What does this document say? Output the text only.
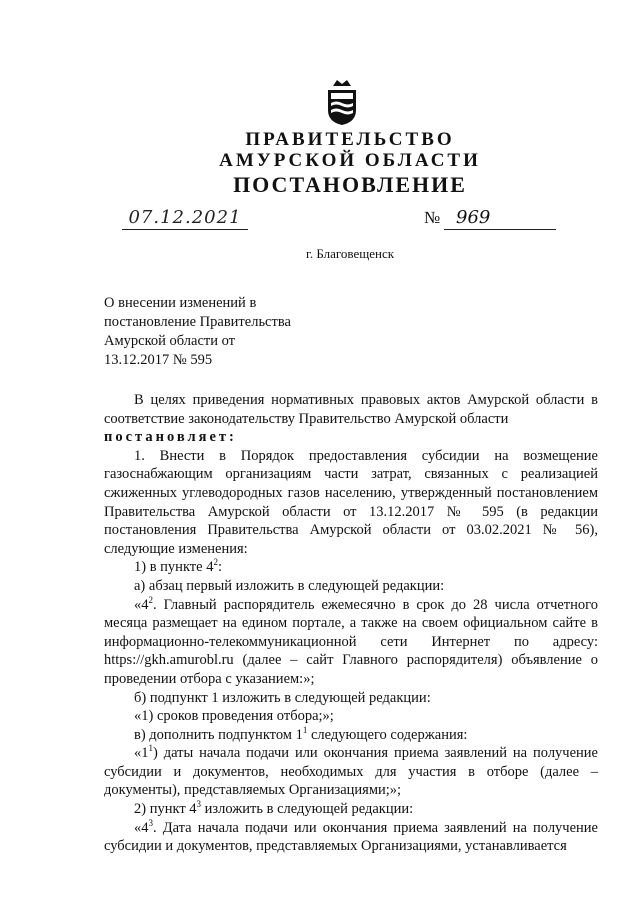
ПРАВИТЕЛЬСТВО
АМУРСКОЙ ОБЛАСТИ
ПОСТАНОВЛЕНИЕ
07.12.2021	№ 969
г. Благовещенск
О внесении изменений в
постановление Правительства
Амурской области от
13.12.2017 № 595

В целях приведения нормативных правовых актов Амурской области в соответствие законодательству Правительство Амурской области

постановляет:

1. Внести в Порядок предоставления субсидии на возмещение газоснабжающим организациям части затрат, связанных с реализацией сжиженных углеводородных газов населению, утвержденный постановлением Правительства Амурской области от 13.12.2017 № 595 (в редакции постановления Правительства Амурской области от 03.02.2021 № 56), следующие изменения:

1) в пункте $4^2$:

а) абзац первый изложить в следующей редакции:

«$4^2$. Главный распорядитель ежемесячно в срок до 28 числа отчетного месяца размещает на едином портале, а также на своем официальном сайте в информационно-телекоммуникационной сети Интернет по адресу: https://gkh.amurobl.ru (далее – сайт Главного распорядителя) объявление о проведении отбора с указанием:»;

б) подпункт 1 изложить в следующей редакции:

«1) сроков проведения отбора;»;

в) дополнить подпунктом $1^1$ следующего содержания:

«$1^1$) даты начала подачи или окончания приема заявлений на получение субсидии и документов, необходимых для участия в отборе (далее – документы), представляемых Организациями;»;

2) пункт $4^3$ изложить в следующей редакции:

«$4^3$. Дата начала подачи или окончания приема заявлений на получение субсидии и документов, представляемых Организациями, устанавливается
